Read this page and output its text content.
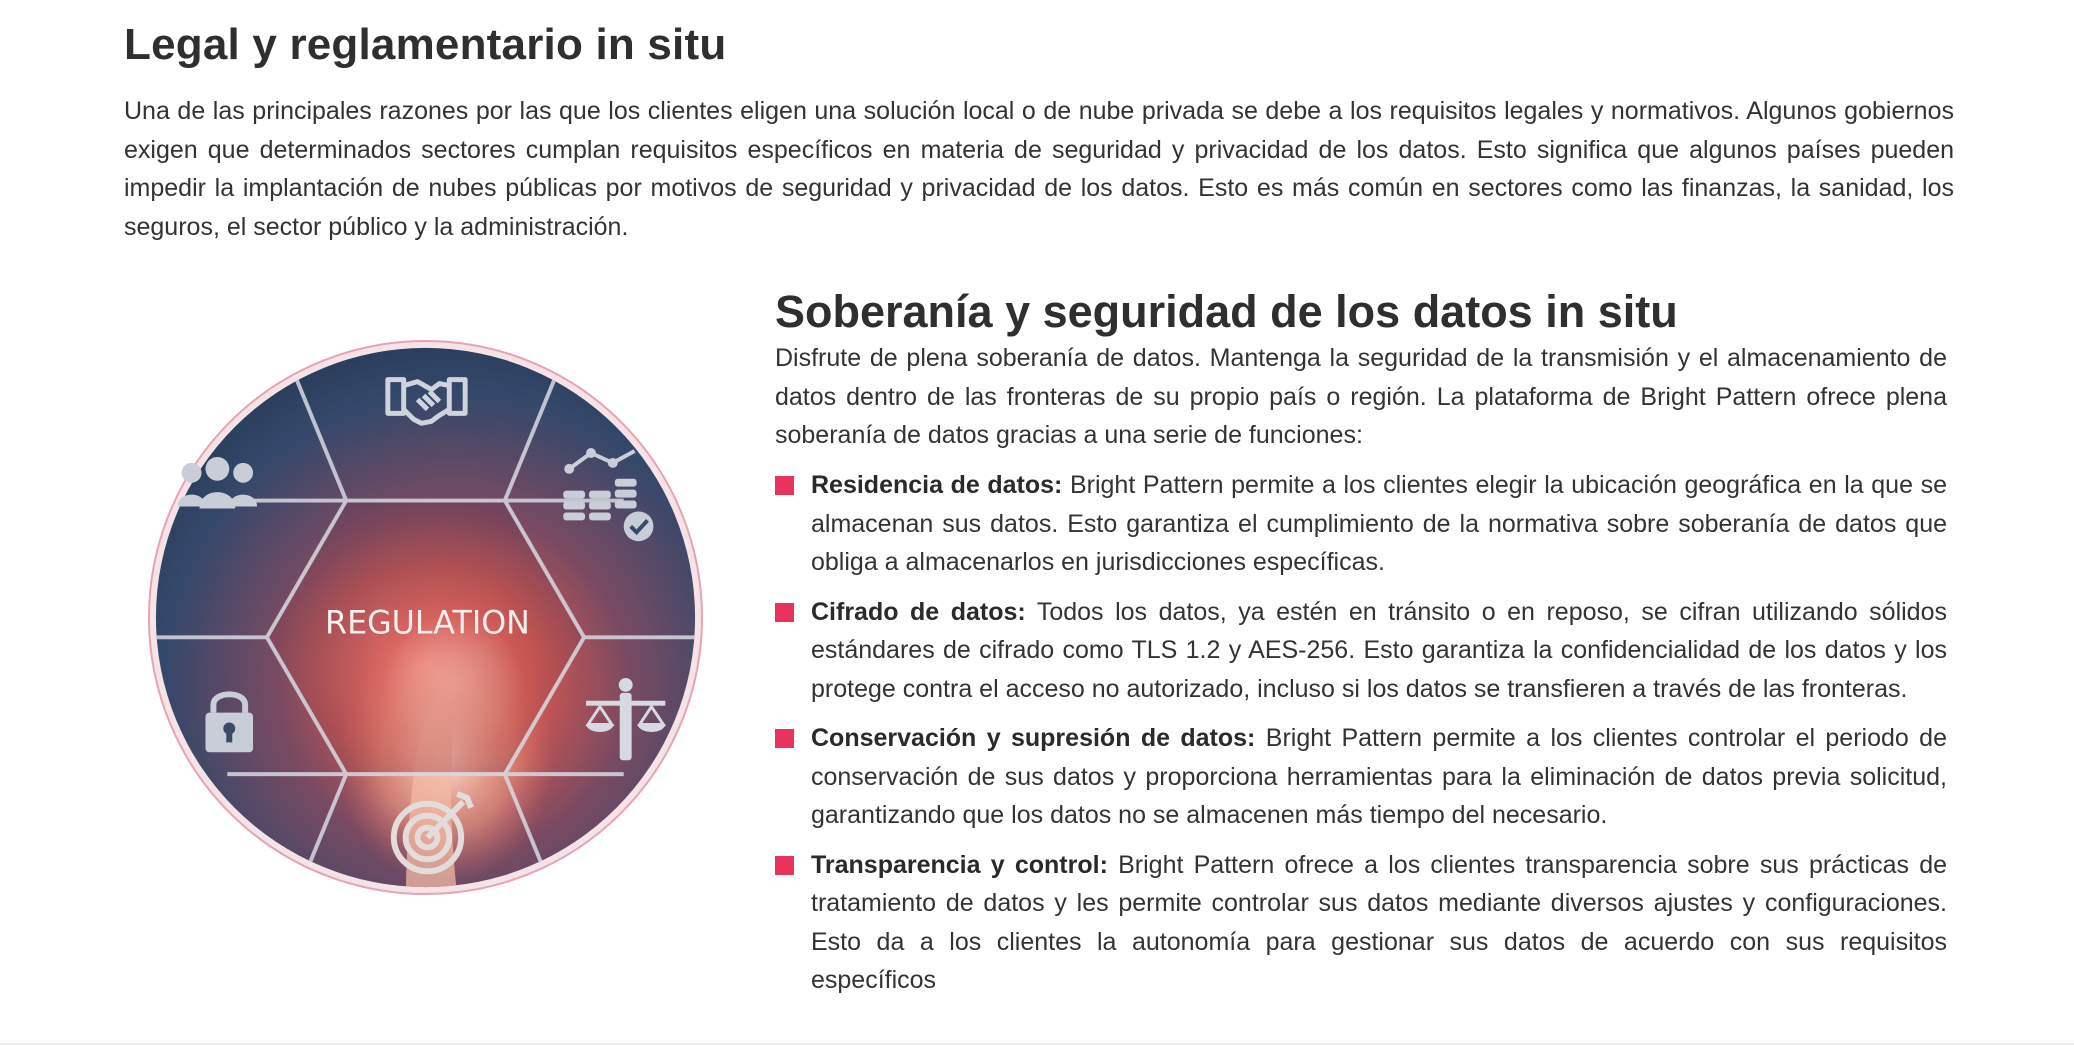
Legal y reglamentario in situ

Una de las principales razones por las que los clientes eligen una solución local o de nube privada se debe a los requisitos legales y normativos. Algunos gobiernos exigen que determinados sectores cumplan requisitos específicos en materia de seguridad y privacidad de los datos. Esto significa que algunos países pueden impedir la implantación de nubes públicas por motivos de seguridad y privacidad de los datos. Esto es más común en sectores como las finanzas, la sanidad, los seguros, el sector público y la administración.

REGULATION
Soberanía y seguridad de los datos in situ

Disfrute de plena soberanía de datos. Mantenga la seguridad de la transmisión y el almacenamiento de datos dentro de las fronteras de su propio país o región. La plataforma de Bright Pattern ofrece plena soberanía de datos gracias a una serie de funciones:

Residencia de datos: Bright Pattern permite a los clientes elegir la ubicación geográfica en la que se almacenan sus datos. Esto garantiza el cumplimiento de la normativa sobre soberanía de datos que obliga a almacenarlos en jurisdicciones específicas.

Cifrado de datos: Todos los datos, ya estén en tránsito o en reposo, se cifran utilizando sólidos estándares de cifrado como TLS 1.2 y AES-256. Esto garantiza la confidencialidad de los datos y los protege contra el acceso no autorizado, incluso si los datos se transfieren a través de las fronteras.

Conservación y supresión de datos: Bright Pattern permite a los clientes controlar el periodo de conservación de sus datos y proporciona herramientas para la eliminación de datos previa solicitud, garantizando que los datos no se almacenen más tiempo del necesario.

Transparencia y control: Bright Pattern ofrece a los clientes transparencia sobre sus prácticas de tratamiento de datos y les permite controlar sus datos mediante diversos ajustes y configuraciones. Esto da a los clientes la autonomía para gestionar sus datos de acuerdo con sus requisitos específicos
